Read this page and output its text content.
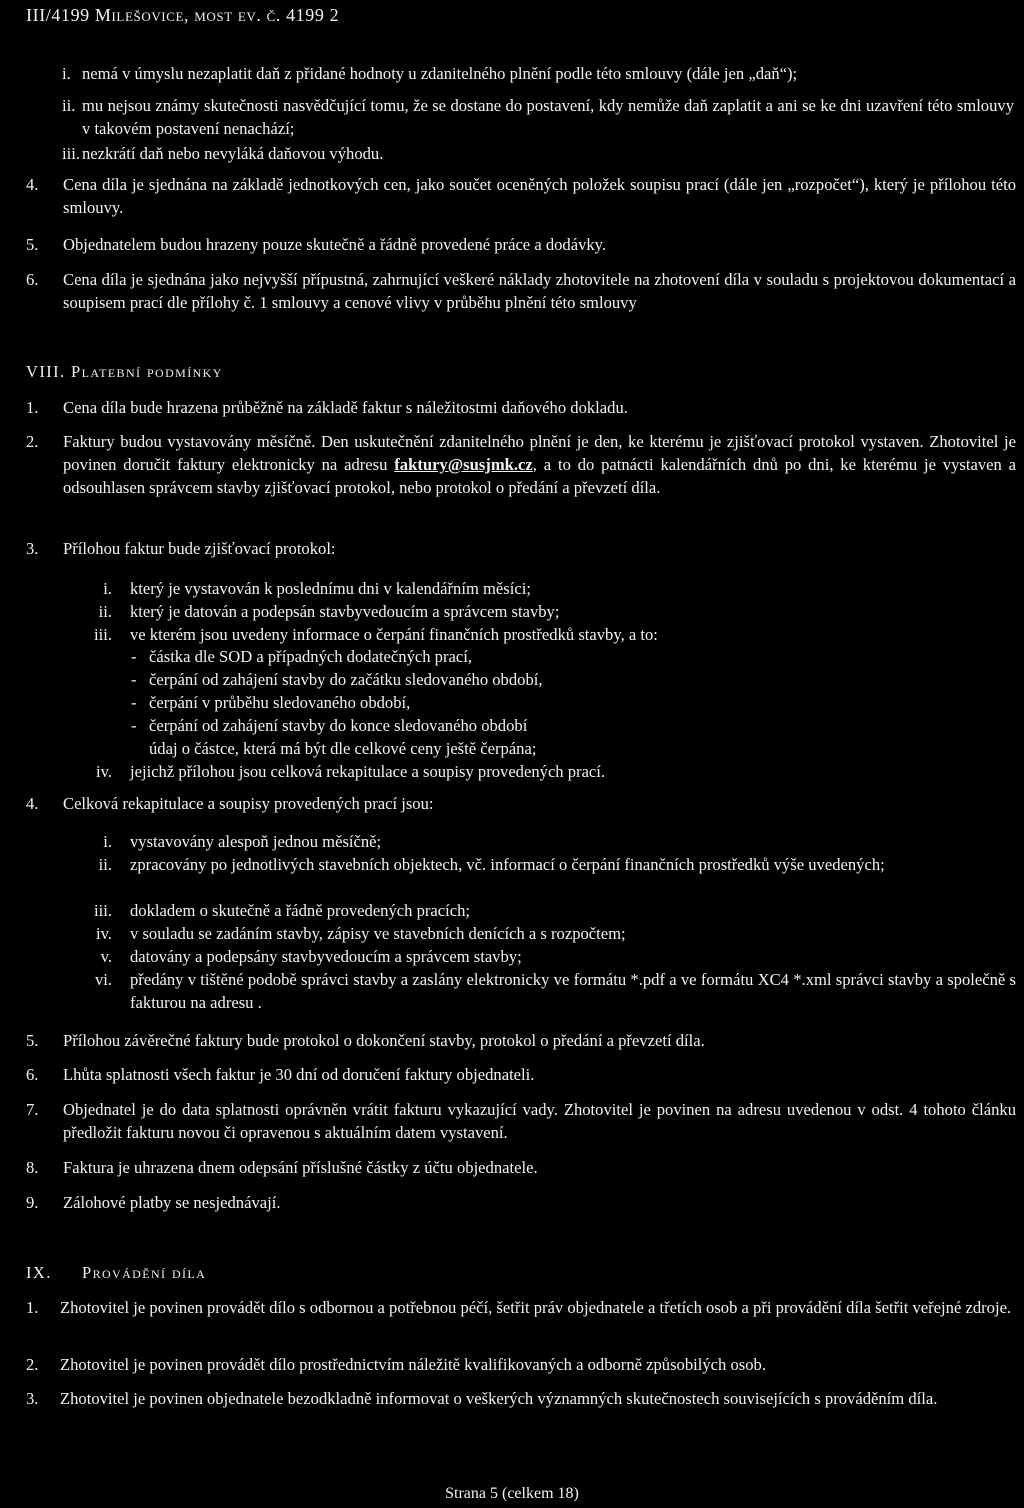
III/4199 Milešovice, most ev. č. 4199 2
i. nemá v úmyslu nezaplatit daň z přidané hodnoty u zdanitelného plnění podle této smlouvy (dále jen „daň“);
ii. mu nejsou známy skutečnosti nasvědčující tomu, že se dostane do postavení, kdy nemůže daň zaplatit a ani se ke dni uzavření této smlouvy v takovém postavení nenachází;
iii. nezkrátí daň nebo nevyláká daňovou výhodu.
4. Cena díla je sjednána na základě jednotkových cen, jako součet oceněných položek soupisu prací (dále jen „rozpočet“), který je přílohou této smlouvy.
5. Objednatelem budou hrazeny pouze skutečně a řádně provedené práce a dodávky.
6. Cena díla je sjednána jako nejvyšší přípustná, zahrnující veškeré náklady zhotovitele na zhotovení díla v souladu s projektovou dokumentací a soupisem prací dle přílohy č. 1 smlouvy a cenové vlivy v průběhu plnění této smlouvy
VIII. Platební podmínky
1. Cena díla bude hrazena průběžně na základě faktur s náležitostmi daňového dokladu.
2. Faktury budou vystavovány měsíčně. Den uskutečnění zdanitelného plnění je den, ke kterému je zjišťovací protokol vystaven. Zhotovitel je povinen doručit faktury elektronicky na adresu faktury@susjmk.cz, a to do patnácti kalendářních dnů po dni, ke kterému je vystaven a odsouhlasen správcem stavby zjišťovací protokol, nebo protokol o předání a převzetí díla.
3. Přílohou faktur bude zjišťovací protokol:
i. který je vystavován k poslednímu dni v kalendářním měsíci;
ii. který je datován a podepsán stavbyvedoucím a správcem stavby;
iii. ve kterém jsou uvedeny informace o čerpání finančních prostředků stavby, a to:
- částka dle SOD a případných dodatečných prací,
- čerpání od zahájení stavby do začátku sledovaného období,
- čerpání v průběhu sledovaného období,
- čerpání od zahájení stavby do konce sledovaného období
údaj o částce, která má být dle celkové ceny ještě čerpána;
iv. jejichž přílohou jsou celková rekapitulace a soupisy provedených prací.
4. Celková rekapitulace a soupisy provedených prací jsou:
i. vystavovány alespoň jednou měsíčně;
ii. zpracovány po jednotlivých stavebních objektech, vč. informací o čerpání finančních prostředků výše uvedených;
iii. dokladem o skutečně a řádně provedených pracích;
iv. v souladu se zadáním stavby, zápisy ve stavebních denících a s rozpočtem;
v. datovány a podepsány stavbyvedoucím a správcem stavby;
vi. předány v tištěné podobě správci stavby a zaslány elektronicky ve formátu *.pdf a ve formátu XC4 *.xml správci stavby a společně s fakturou na adresu .
5. Přílohou závěrečné faktury bude protokol o dokončení stavby, protokol o předání a převzetí díla.
6. Lhůta splatnosti všech faktur je 30 dní od doručení faktury objednateli.
7. Objednatel je do data splatnosti oprávněn vrátit fakturu vykazující vady. Zhotovitel je povinen na adresu uvedenou v odst. 4 tohoto článku předložit fakturu novou či opravenou s aktuálním datem vystavení.
8. Faktura je uhrazena dnem odepsání příslušné částky z účtu objednatele.
9. Zálohové platby se nesjednávají.
IX. Provádění díla
1. Zhotovitel je povinen provádět dílo s odbornou a potřebnou péčí, šetřit práv objednatele a třetích osob a při provádění díla šetřit veřejné zdroje.
2. Zhotovitel je povinen provádět dílo prostřednictvím náležitě kvalifikovaných a odborně způsobilých osob.
3. Zhotovitel je povinen objednatele bezodkladně informovat o veškerých významných skutečnostech souvisejících s prováděním díla.
Strana 5 (celkem 18)
